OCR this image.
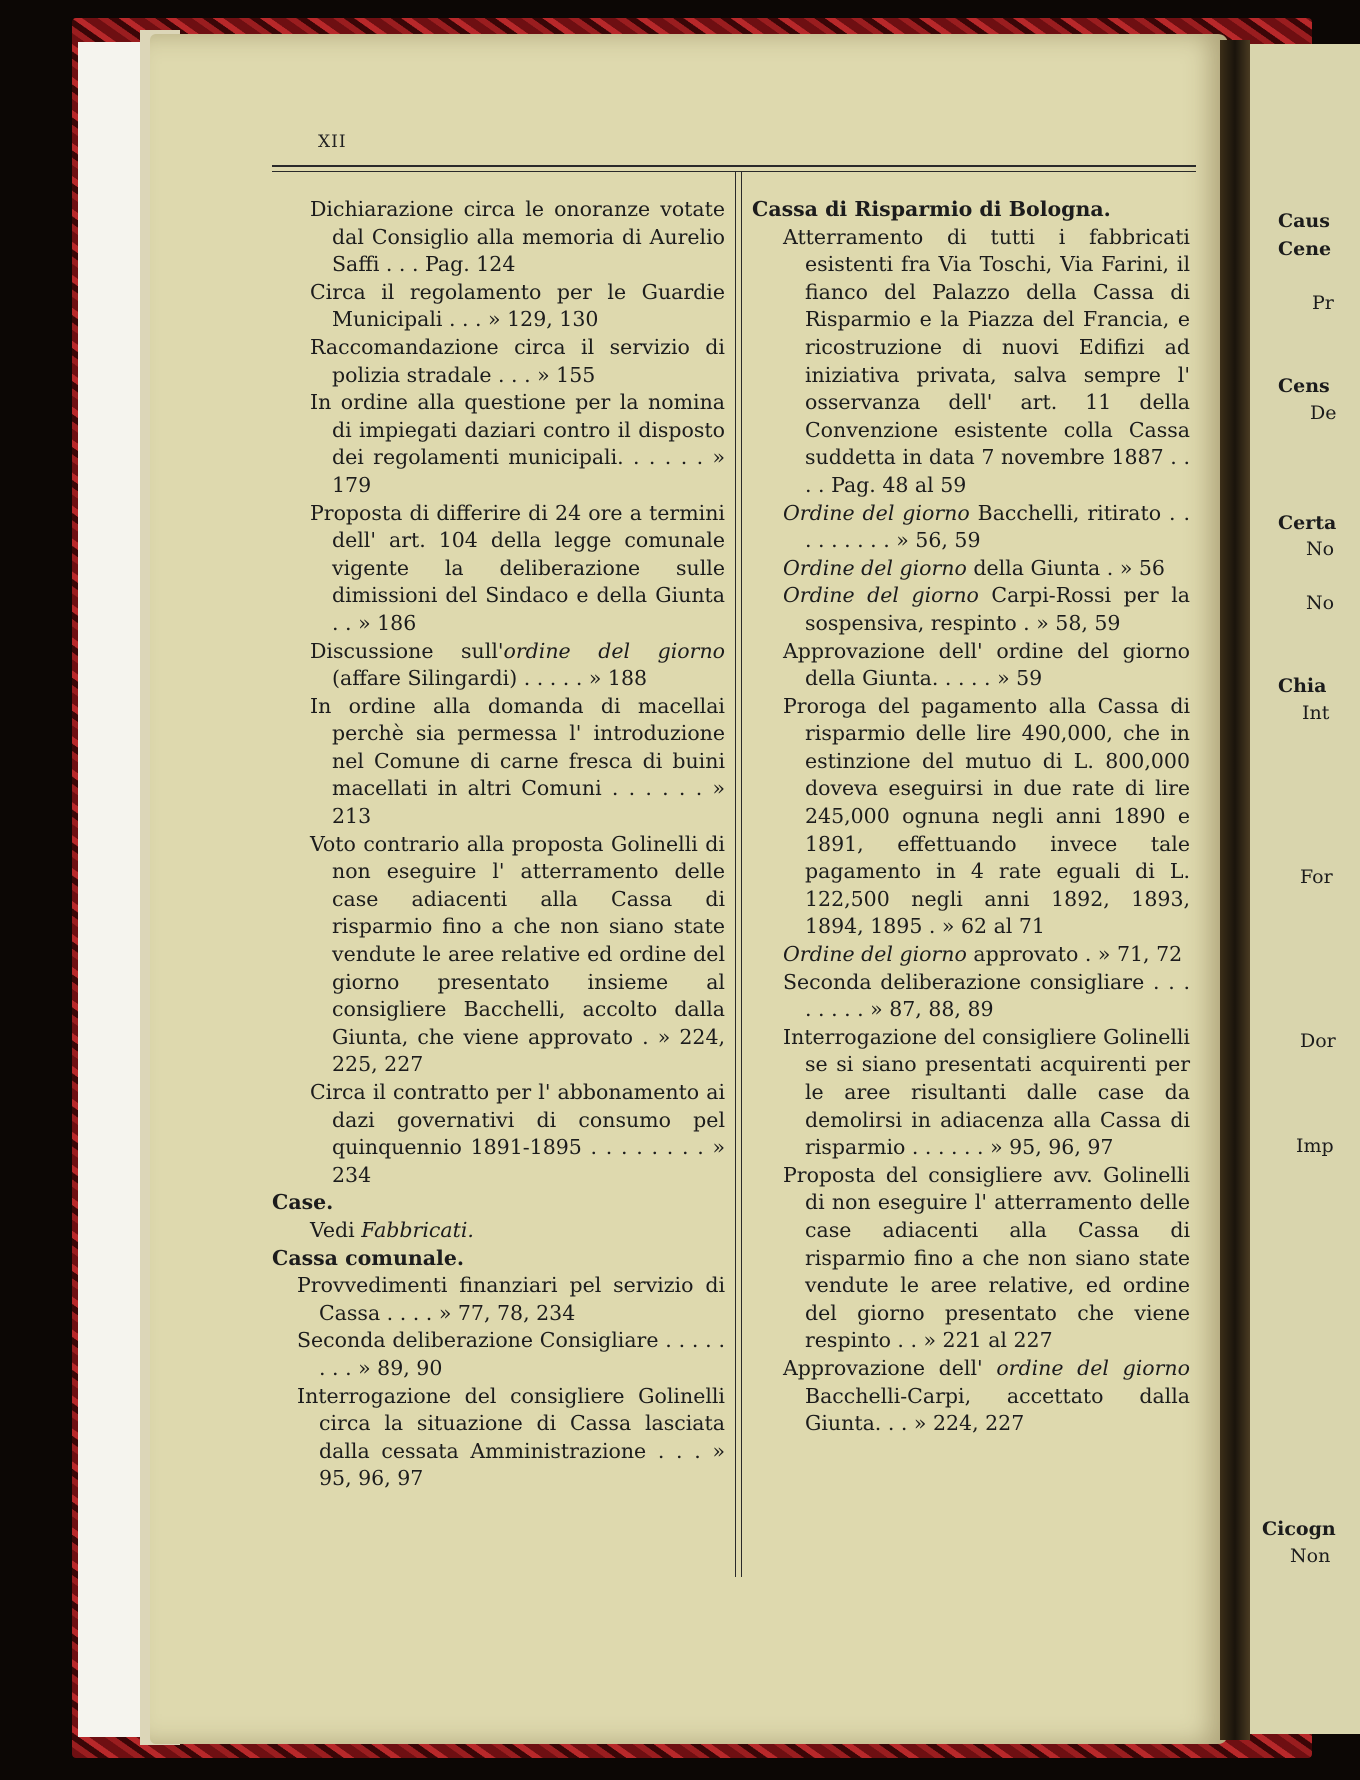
XII
Dichiarazione circa le onoranze votate dal Consiglio alla memoria di Aurelio Saffi . . . Pag. 124
Circa il regolamento per le Guardie Municipali . . . » 129, 130
Raccomandazione circa il servizio di polizia stradale . . . » 155
In ordine alla questione per la nomina di impiegati daziari contro il disposto dei regolamenti municipali. . . . . . » 179
Proposta di differire di 24 ore a termini dell' art. 104 della legge comunale vigente la deliberazione sulle dimissioni del Sindaco e della Giunta . . » 186
Discussione sull'ordine del giorno (affare Silingardi) . . . . . » 188
In ordine alla domanda di macellai perchè sia permessa l' introduzione nel Comune di carne fresca di buini macellati in altri Comuni . . . . . . » 213
Voto contrario alla proposta Golinelli di non eseguire l' atterramento delle case adiacenti alla Cassa di risparmio fino a che non siano state vendute le aree relative ed ordine del giorno presentato insieme al consigliere Bacchelli, accolto dalla Giunta, che viene approvato . » 224, 225, 227
Circa il contratto per l' abbonamento ai dazi governativi di consumo pel quinquennio 1891-1895 . . . . . . . . » 234
Case.
Vedi Fabbricati.
Cassa comunale.
Provvedimenti finanziari pel servizio di Cassa . . . . » 77, 78, 234
Seconda deliberazione Consigliare . . . . . . . . » 89, 90
Interrogazione del consigliere Golinelli circa la situazione di Cassa lasciata dalla cessata Amministrazione . . . » 95, 96, 97
Cassa di Risparmio di Bologna.
Atterramento di tutti i fabbricati esistenti fra Via Toschi, Via Farini, il fianco del Palazzo della Cassa di Risparmio e la Piazza del Francia, e ricostruzione di nuovi Edifizi ad iniziativa privata, salva sempre l' osservanza dell' art. 11 della Convenzione esistente colla Cassa suddetta in data 7 novembre 1887 . . . . Pag. 48 al 59
Ordine del giorno Bacchelli, ritirato . . . . . . . . . » 56, 59
Ordine del giorno della Giunta . » 56
Ordine del giorno Carpi-Rossi per la sospensiva, respinto . » 58, 59
Approvazione dell' ordine del giorno della Giunta. . . . . » 59
Proroga del pagamento alla Cassa di risparmio delle lire 490,000, che in estinzione del mutuo di L. 800,000 doveva eseguirsi in due rate di lire 245,000 ognuna negli anni 1890 e 1891, effettuando invece tale pagamento in 4 rate eguali di L. 122,500 negli anni 1892, 1893, 1894, 1895 . » 62 al 71
Ordine del giorno approvato . » 71, 72
Seconda deliberazione consigliare . . . . . . . . » 87, 88, 89
Interrogazione del consigliere Golinelli se si siano presentati acquirenti per le aree risultanti dalle case da demolirsi in adiacenza alla Cassa di risparmio . . . . . . » 95, 96, 97
Proposta del consigliere avv. Golinelli di non eseguire l' atterramento delle case adiacenti alla Cassa di risparmio fino a che non siano state vendute le aree relative, ed ordine del giorno presentato che viene respinto . . » 221 al 227
Approvazione dell' ordine del giorno Bacchelli-Carpi, accettato dalla Giunta. . . » 224, 227
Caus
Cene
Pr
Cens
De
Certa
No
No
Chia
Int
For
Dor
Imp
Cicogn
Non
